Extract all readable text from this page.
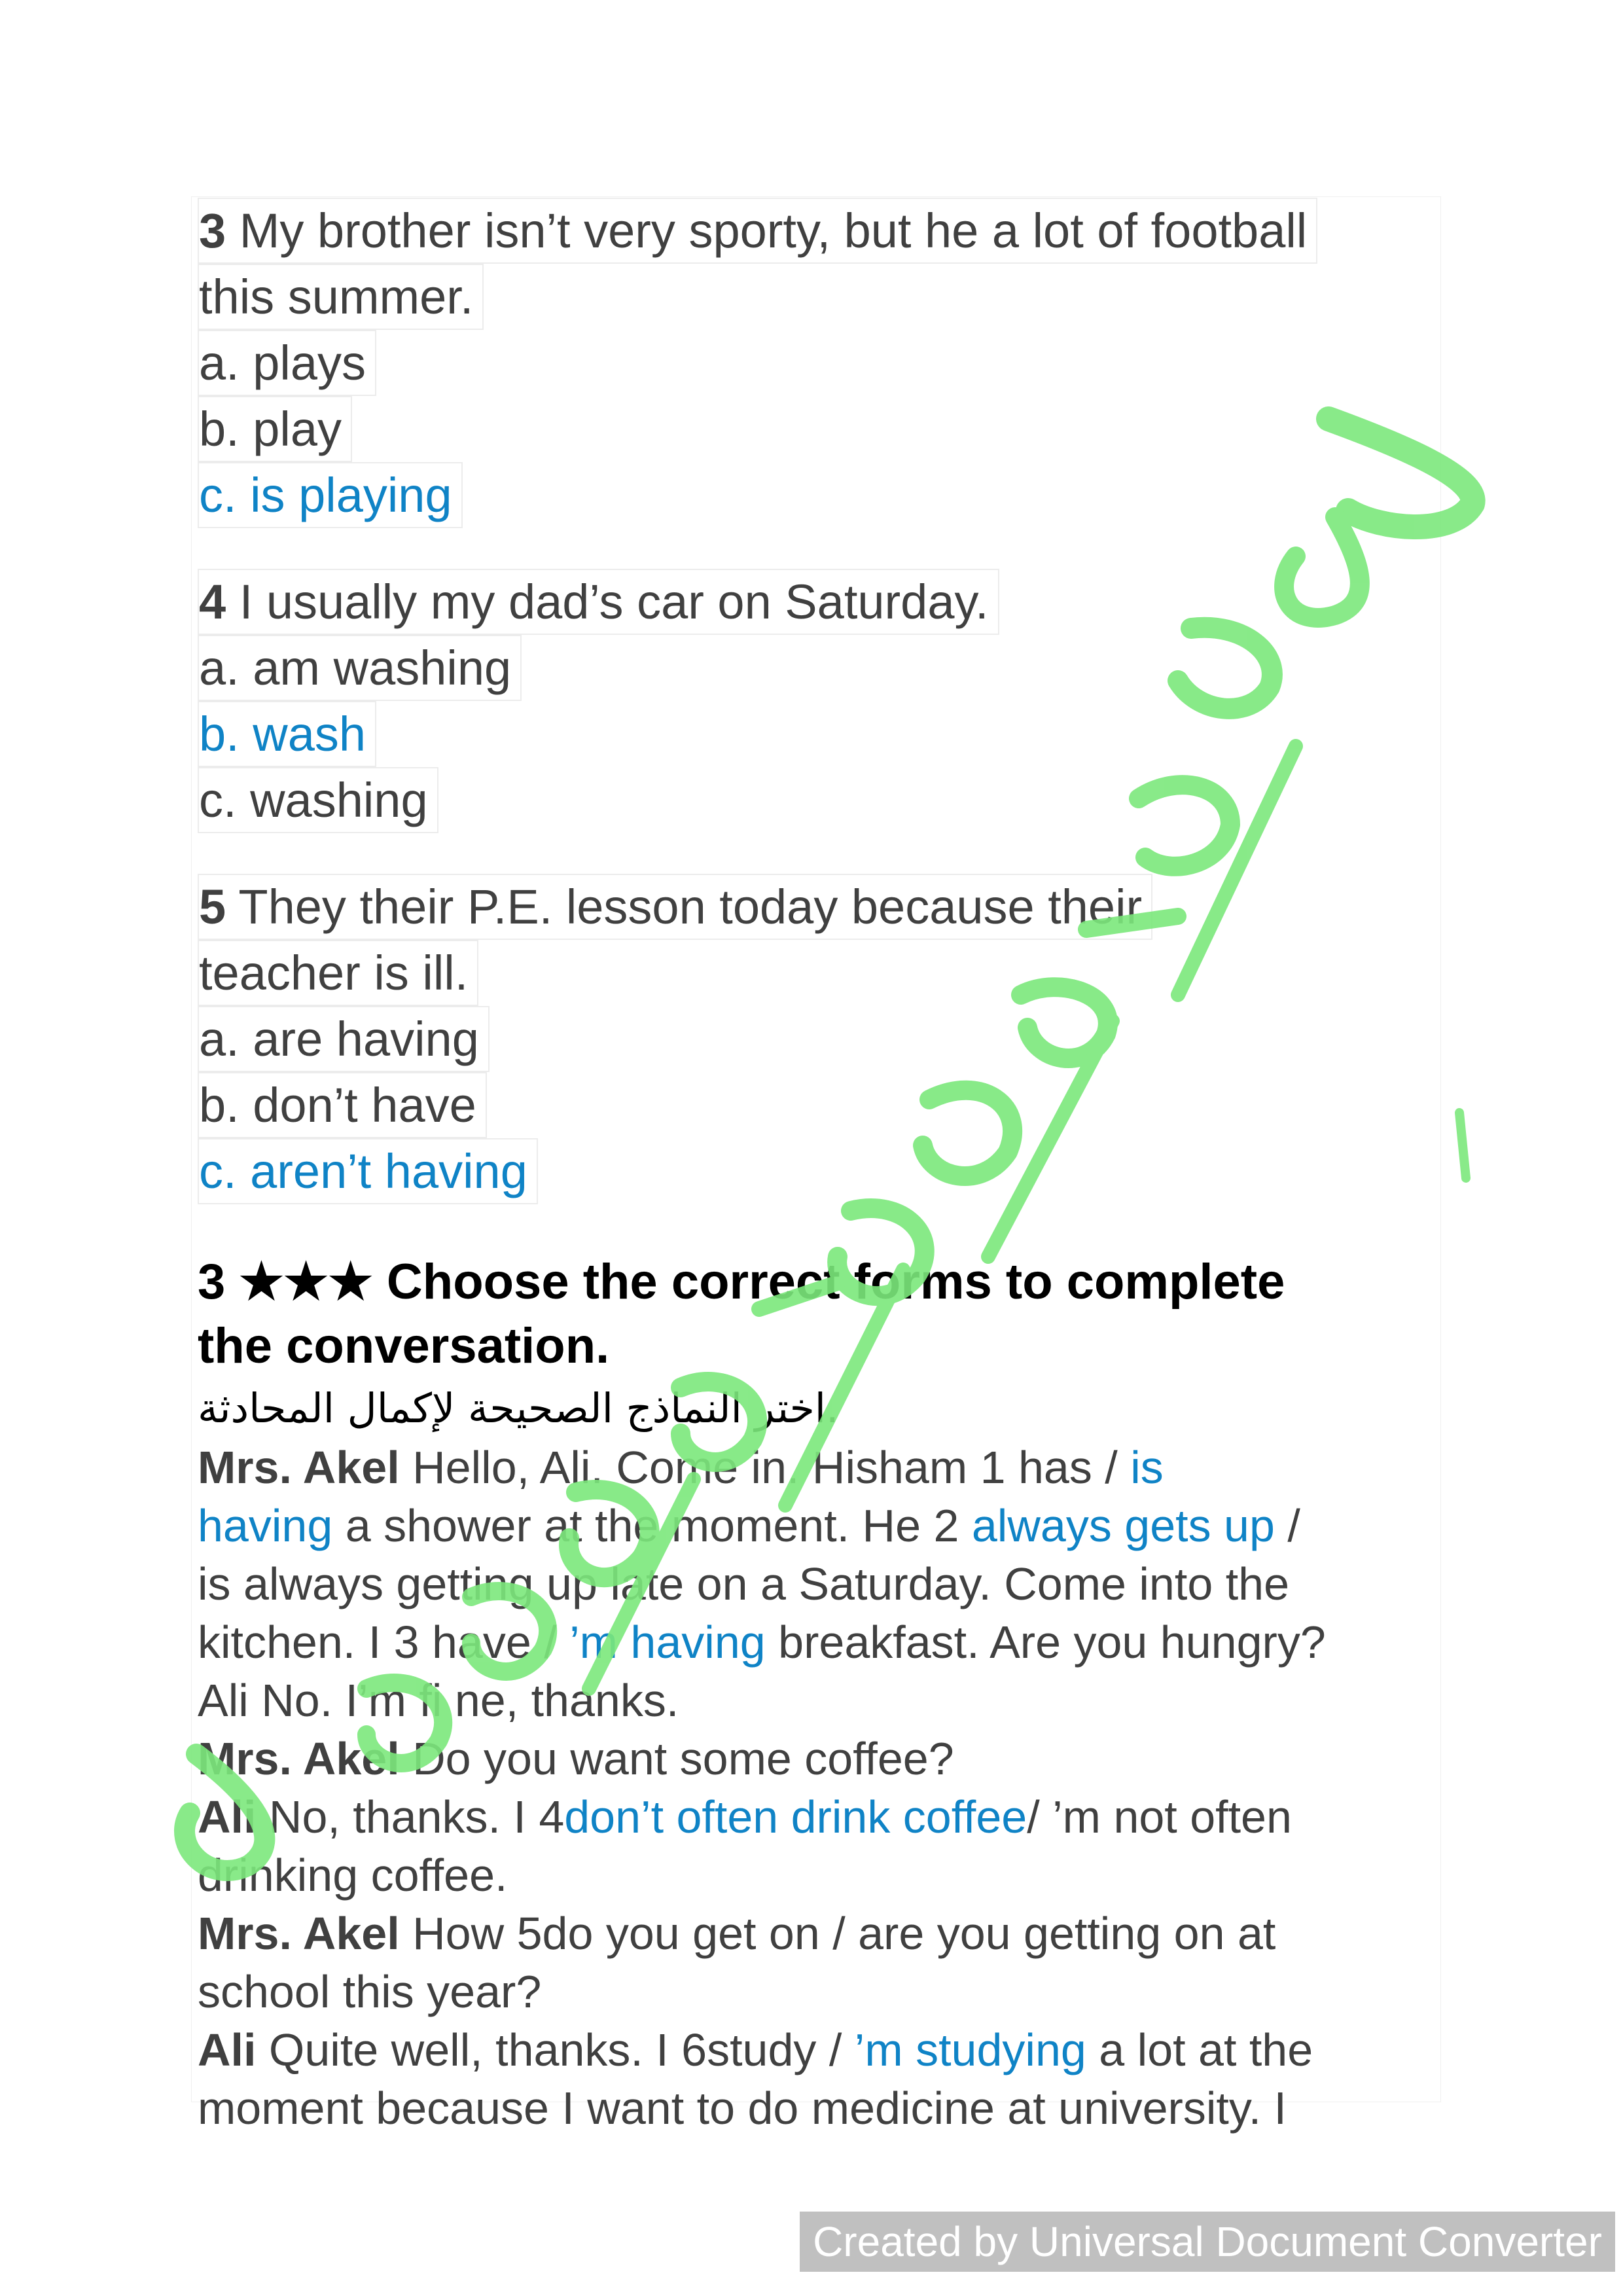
3 My brother isn’t very sporty, but he a lot of football
this summer.
a. plays
b. play
c. is playing
4 I usually my dad’s car on Saturday.
a. am washing
b. wash
c. washing
5 They their P.E. lesson today because their
teacher is ill.
a. are having
b. don’t have
c. aren’t having
3 ★★★ Choose the correct forms to complete
the conversation.
اختر النماذج الصحيحة لإكمال المحادثة.
Mrs. Akel Hello, Ali. Come in. Hisham 1 has / is
having a shower at the moment. He 2 always gets up /
is always getting up late on a Saturday. Come into the
kitchen. I 3 have / ’m having breakfast. Are you hungry?
Ali No. I’m fi ne, thanks.
Mrs. Akel Do you want some coffee?
Ali No, thanks. I 4don’t often drink coffee/ ’m not often
drinking coffee.
Mrs. Akel How 5do you get on / are you getting on at
school this year?
Ali Quite well, thanks. I 6study / ’m studying a lot at the
moment because I want to do medicine at university. I
Created by Universal Document Converter
